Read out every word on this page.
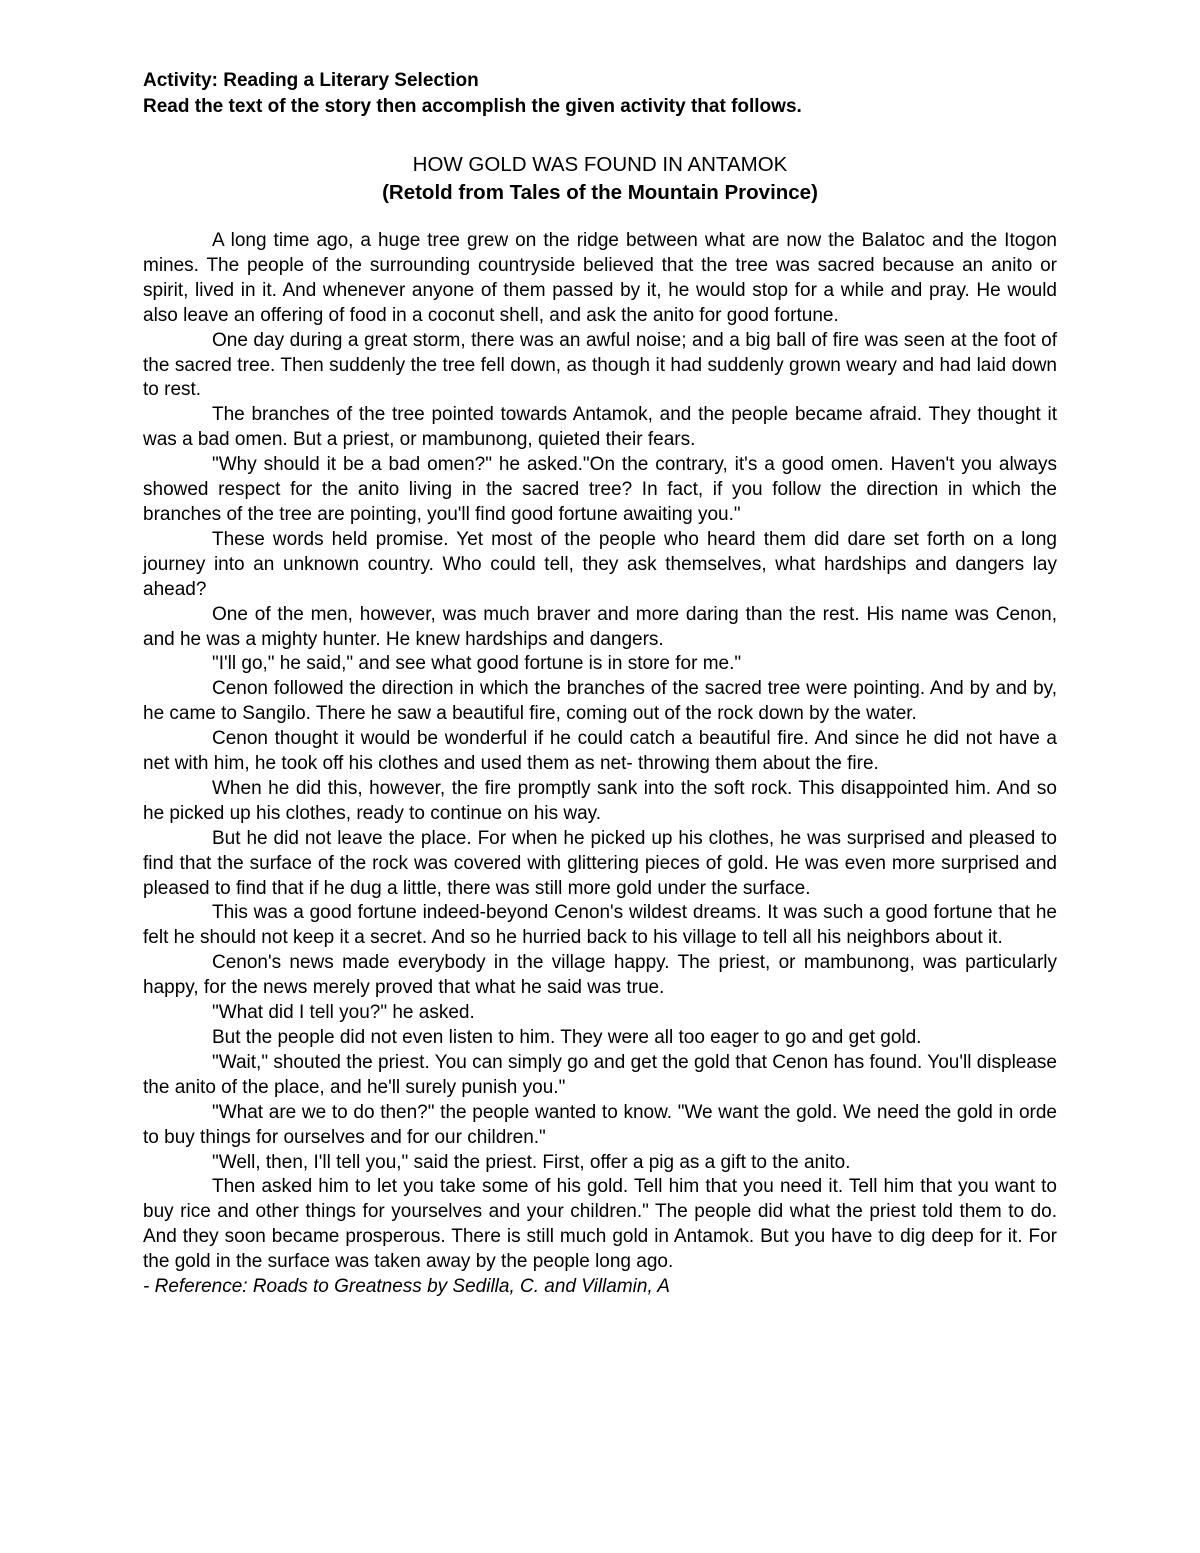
Activity: Reading a Literary Selection

Read the text of the story then accomplish the given activity that follows.

HOW GOLD WAS FOUND IN ANTAMOK

(Retold from Tales of the Mountain Province)

A long time ago, a huge tree grew on the ridge between what are now the Balatoc and the Itogon mines. The people of the surrounding countryside believed that the tree was sacred because an anito or spirit, lived in it. And whenever anyone of them passed by it, he would stop for a while and pray. He would also leave an offering of food in a coconut shell, and ask the anito for good fortune.

One day during a great storm, there was an awful noise; and a big ball of fire was seen at the foot of the sacred tree. Then suddenly the tree fell down, as though it had suddenly grown weary and had laid down to rest.

The branches of the tree pointed towards Antamok, and the people became afraid. They thought it was a bad omen. But a priest, or mambunong, quieted their fears.

"Why should it be a bad omen?" he asked."On the contrary, it's a good omen. Haven't you always showed respect for the anito living in the sacred tree? In fact, if you follow the direction in which the branches of the tree are pointing, you'll find good fortune awaiting you."

These words held promise. Yet most of the people who heard them did dare set forth on a long journey into an unknown country. Who could tell, they ask themselves, what hardships and dangers lay ahead?

One of the men, however, was much braver and more daring than the rest. His name was Cenon, and he was a mighty hunter. He knew hardships and dangers.

"I'll go," he said," and see what good fortune is in store for me."

Cenon followed the direction in which the branches of the sacred tree were pointing. And by and by, he came to Sangilo. There he saw a beautiful fire, coming out of the rock down by the water.

Cenon thought it would be wonderful if he could catch a beautiful fire. And since he did not have a net with him, he took off his clothes and used them as net- throwing them about the fire.

When he did this, however, the fire promptly sank into the soft rock. This disappointed him. And so he picked up his clothes, ready to continue on his way.

But he did not leave the place. For when he picked up his clothes, he was surprised and pleased to find that the surface of the rock was covered with glittering pieces of gold. He was even more surprised and pleased to find that if he dug a little, there was still more gold under the surface.

This was a good fortune indeed-beyond Cenon's wildest dreams. It was such a good fortune that he felt he should not keep it a secret. And so he hurried back to his village to tell all his neighbors about it.

Cenon's news made everybody in the village happy. The priest, or mambunong, was particularly happy, for the news merely proved that what he said was true.

"What did I tell you?" he asked.

But the people did not even listen to him. They were all too eager to go and get gold.

"Wait," shouted the priest. You can simply go and get the gold that Cenon has found. You'll displease the anito of the place, and he'll surely punish you."

"What are we to do then?" the people wanted to know. "We want the gold. We need the gold in orde to buy things for ourselves and for our children."

"Well, then, I'll tell you," said the priest. First, offer a pig as a gift to the anito.

Then asked him to let you take some of his gold. Tell him that you need it. Tell him that you want to buy rice and other things for yourselves and your children." The people did what the priest told them to do. And they soon became prosperous. There is still much gold in Antamok. But you have to dig deep for it. For the gold in the surface was taken away by the people long ago.

- Reference: Roads to Greatness by Sedilla, C. and Villamin, A
